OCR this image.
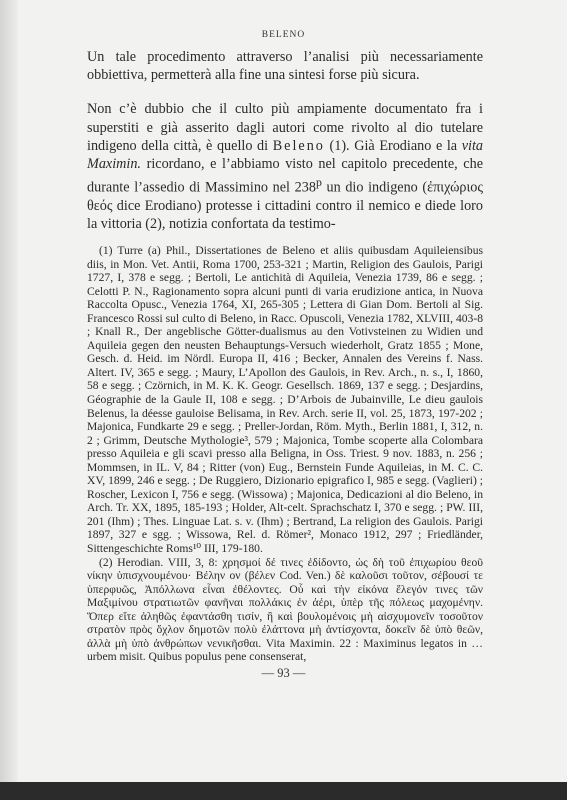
BELENO

Un tale procedimento attraverso l’analisi più necessariamente obbiettiva, permetterà alla fine una sintesi forse più sicura.

Non c’è dubbio che il culto più ampiamente documentato fra i superstiti e già asserito dagli autori come rivolto al dio tutelare indigeno della città, è quello di Beleno (1). Già Erodiano e la vita Maximin. ricordano, e l’abbiamo visto nel capitolo precedente, che durante l’assedio di Massimino nel 238$^p$ un dio indigeno (ἐπιχώριος θεός dice Erodiano) protesse i cittadini contro il nemico e diede loro la vittoria (2), notizia confortata da testimo-

(1) Turre (a) Phil., Dissertationes de Beleno et aliis quibusdam Aquileiensibus diis, in Mon. Vet. Antii, Roma 1700, 253-321 ; Martin, Religion des Gaulois, Parigi 1727, I, 378 e segg. ; Bertoli, Le antichità di Aquileia, Venezia 1739, 86 e segg. ; Celotti P. N., Ragionamento sopra alcuni punti di varia erudizione antica, in Nuova Raccolta Opusc., Venezia 1764, XI, 265-305 ; Lettera di Gian Dom. Bertoli al Sig. Francesco Rossi sul culto di Beleno, in Racc. Opuscoli, Venezia 1782, XLVIII, 403-8 ; Knall R., Der angeblische Götter-dualismus au den Votivsteinen zu Widien und Aquileia gegen den neusten Behauptungs-Versuch wiederholt, Gratz 1855 ; Mone, Gesch. d. Heid. im Nördl. Europa II, 416 ; Becker, Annalen des Vereins f. Nass. Altert. IV, 365 e segg. ; Maury, L’Apollon des Gaulois, in Rev. Arch., n. s., I, 1860, 58 e segg. ; Czörnich, in M. K. K. Geogr. Gesellsch. 1869, 137 e segg. ; Desjardins, Géographie de la Gaule II, 108 e segg. ; D’Arbois de Jubainville, Le dieu gaulois Belenus, la déesse gauloise Belisama, in Rev. Arch. serie II, vol. 25, 1873, 197-202 ; Majonica, Fundkarte 29 e segg. ; Preller-Jordan, Röm. Myth., Berlin 1881, I, 312, n. 2 ; Grimm, Deutsche Mythologie³, 579 ; Majonica, Tombe scoperte alla Colombara presso Aquileia e gli scavi presso alla Beligna, in Oss. Triest. 9 nov. 1883, n. 256 ; Mommsen, in IL. V, 84 ; Ritter (von) Eug., Bernstein Funde Aquileias, in M. C. C. XV, 1899, 246 e segg. ; De Ruggiero, Dizionario epigrafico I, 985 e segg. (Vaglieri) ; Roscher, Lexicon I, 756 e segg. (Wissowa) ; Majonica, Dedicazioni al dio Beleno, in Arch. Tr. XX, 1895, 185-193 ; Holder, Alt-celt. Sprachschatz I, 370 e segg. ; PW. III, 201 (Ihm) ; Thes. Linguae Lat. s. v. (Ihm) ; Bertrand, La religion des Gaulois. Parigi 1897, 327 e sgg. ; Wissowa, Rel. d. Römer², Monaco 1912, 297 ; Friedländer, Sittengeschichte Roms¹⁰ III, 179-180.

(2) Herodian. VIII, 3, 8: χρησμοί δέ τινες ἐδίδοντο, ὡς δὴ τοῦ ἐπιχωρίου θεοῦ νίκην ὑπισχνουμένου· Βέλην ον (βέλεν Cod. Ven.) δὲ καλοῦσι τοῦτον, σέβουσί τε ὑπερφυῶς, Ἀπόλλωνα εἶναι ἐθέλοντες. Οὗ καὶ τὴν εἰκόνα ἔλεγόν τινες τῶν Μαξιμίνου στρατιωτῶν φανῆναι πολλάκις ἐν ἀέρι, ὑπὲρ τῆς πόλεως μαχομένην. Ὅπερ εἴτε ἀληθῶς ἐφαντάσθη τισίν, ἢ καὶ βουλομένοις μὴ αἰσχυμονεῖν τοσοῦτον στρατὸν πρὸς ὄχλον δημοτῶν πολὺ ἐλάττονα μὴ ἀντίσχοντα, δοκεῖν δὲ ὑπὸ θεῶν, ἀλλὰ μὴ ὑπὸ ἀνθρώπων νενικῆσθαι. Vita Maximin. 22 : Maximinus legatos in … urbem misit. Quibus populus pene consenserat,

— 93 —
